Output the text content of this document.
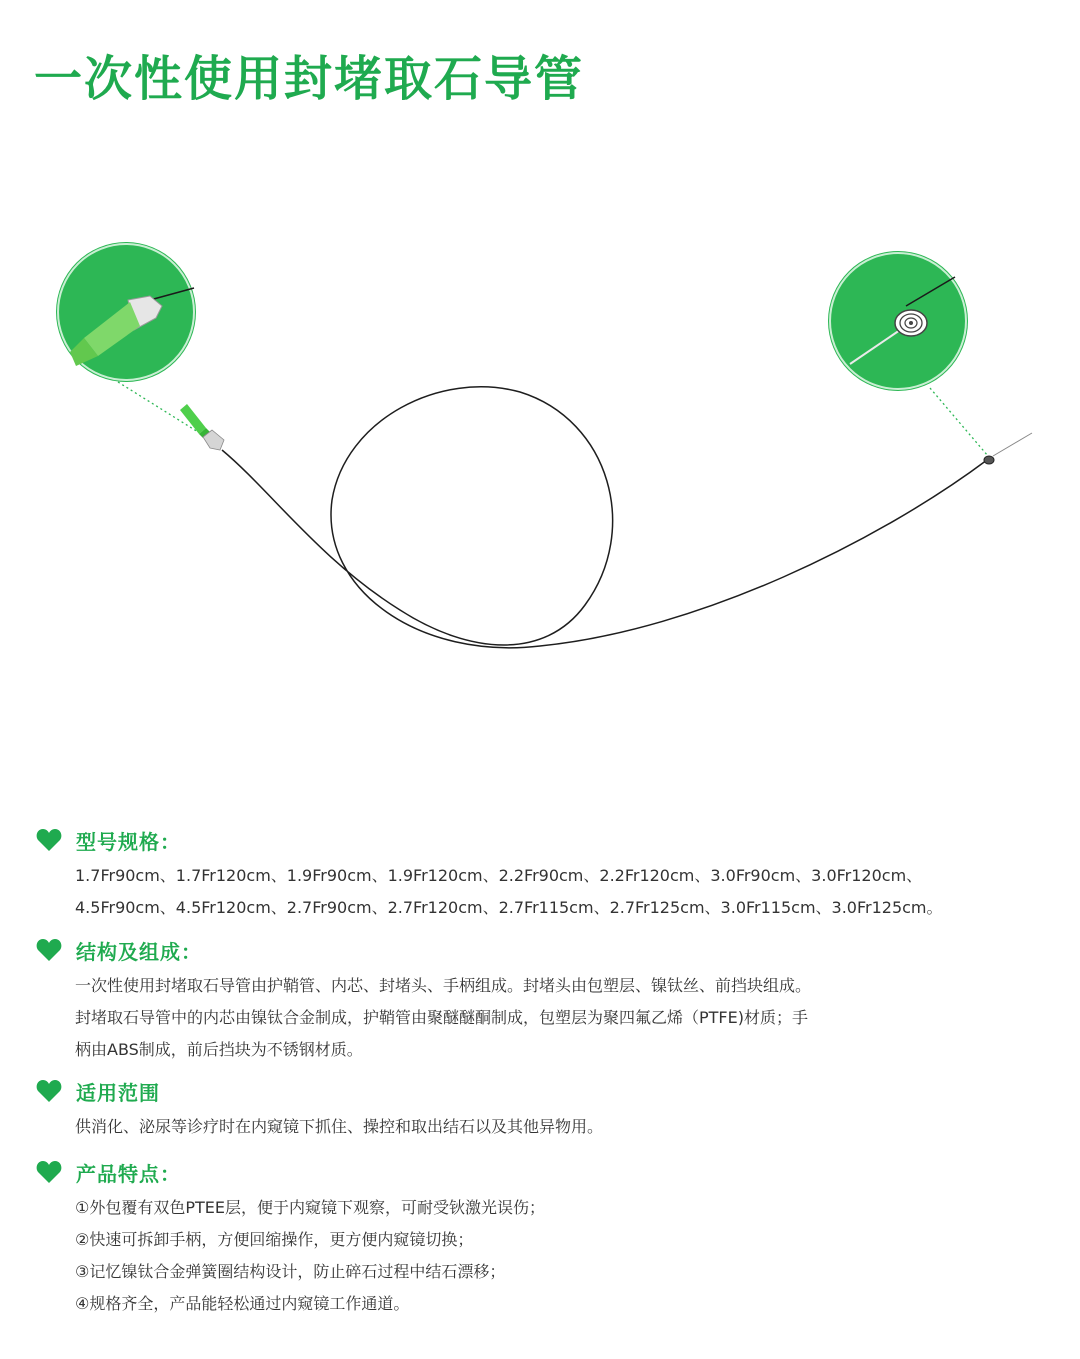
一次性使用封堵取石导管
型号规格：
1.7Fr90cm、1.7Fr120cm、1.9Fr90cm、1.9Fr120cm、2.2Fr90cm、2.2Fr120cm、3.0Fr90cm、3.0Fr120cm、
4.5Fr90cm、4.5Fr120cm、2.7Fr90cm、2.7Fr120cm、2.7Fr115cm、2.7Fr125cm、3.0Fr115cm、3.0Fr125cm。
结构及组成：
一次性使用封堵取石导管由护鞘管、内芯、封堵头、手柄组成。封堵头由包塑层、镍钛丝、前挡块组成。
封堵取石导管中的内芯由镍钛合金制成，护鞘管由聚醚醚酮制成，包塑层为聚四氟乙烯（PTFE)材质；手
柄由ABS制成，前后挡块为不锈钢材质。
适用范围
供消化、泌尿等诊疗时在内窥镜下抓住、操控和取出结石以及其他异物用。
产品特点：
①外包覆有双色PTEE层，便于内窥镜下观察，可耐受钬激光误伤；
②快速可拆卸手柄，方便回缩操作，更方便内窥镜切换；
③记忆镍钛合金弹簧圈结构设计，防止碎石过程中结石漂移；
④规格齐全，产品能轻松通过内窥镜工作通道。
